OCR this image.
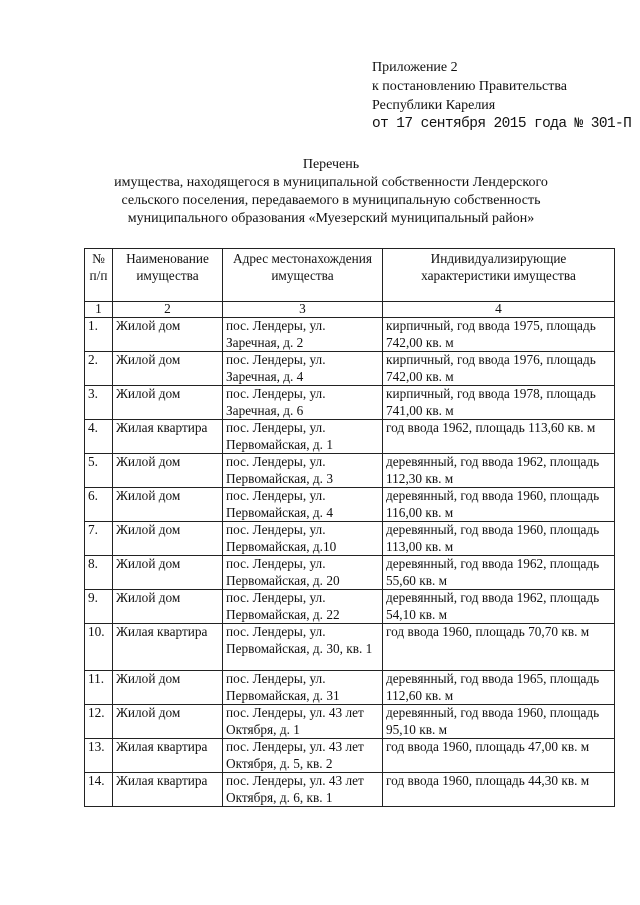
Приложение 2
к постановлению Правительства
Республики Карелия
от 17 сентября 2015 года № 301-П
Перечень
имущества, находящегося в муниципальной собственности Лендерского сельского поселения, передаваемого в муниципальную собственность муниципального образования «Муезерский муниципальный район»
№ п/п	Наименование имущества	Адрес местонахождения имущества	Индивидуализирующие характеристики имущества
1	2	3	4
1.	Жилой дом	пос. Лендеры, ул. Заречная, д. 2	кирпичный, год ввода 1975, площадь 742,00 кв. м
2.	Жилой дом	пос. Лендеры, ул. Заречная, д. 4	кирпичный, год ввода 1976, площадь 742,00 кв. м
3.	Жилой дом	пос. Лендеры, ул. Заречная, д. 6	кирпичный, год ввода 1978, площадь 741,00 кв. м
4.	Жилая квартира	пос. Лендеры, ул. Первомайская, д. 1	год ввода 1962, площадь 113,60 кв. м
5.	Жилой дом	пос. Лендеры, ул. Первомайская, д. 3	деревянный, год ввода 1962, площадь 112,30 кв. м
6.	Жилой дом	пос. Лендеры, ул. Первомайская, д. 4	деревянный, год ввода 1960, площадь 116,00 кв. м
7.	Жилой дом	пос. Лендеры, ул. Первомайская, д.10	деревянный, год ввода 1960, площадь 113,00 кв. м
8.	Жилой дом	пос. Лендеры, ул. Первомайская, д. 20	деревянный, год ввода 1962, площадь 55,60 кв. м
9.	Жилой дом	пос. Лендеры, ул. Первомайская, д. 22	деревянный, год ввода 1962, площадь 54,10 кв. м
10.	Жилая квартира	пос. Лендеры, ул. Первомайская, д. 30, кв. 1	год ввода 1960, площадь 70,70 кв. м
11.	Жилой дом	пос. Лендеры, ул. Первомайская, д. 31	деревянный, год ввода 1965, площадь 112,60 кв. м
12.	Жилой дом	пос. Лендеры, ул. 43 лет Октября, д. 1	деревянный, год ввода 1960, площадь 95,10 кв. м
13.	Жилая квартира	пос. Лендеры, ул. 43 лет Октября, д. 5, кв. 2	год ввода 1960, площадь 47,00 кв. м
14.	Жилая квартира	пос. Лендеры, ул. 43 лет Октября, д. 6, кв. 1	год ввода 1960, площадь 44,30 кв. м
